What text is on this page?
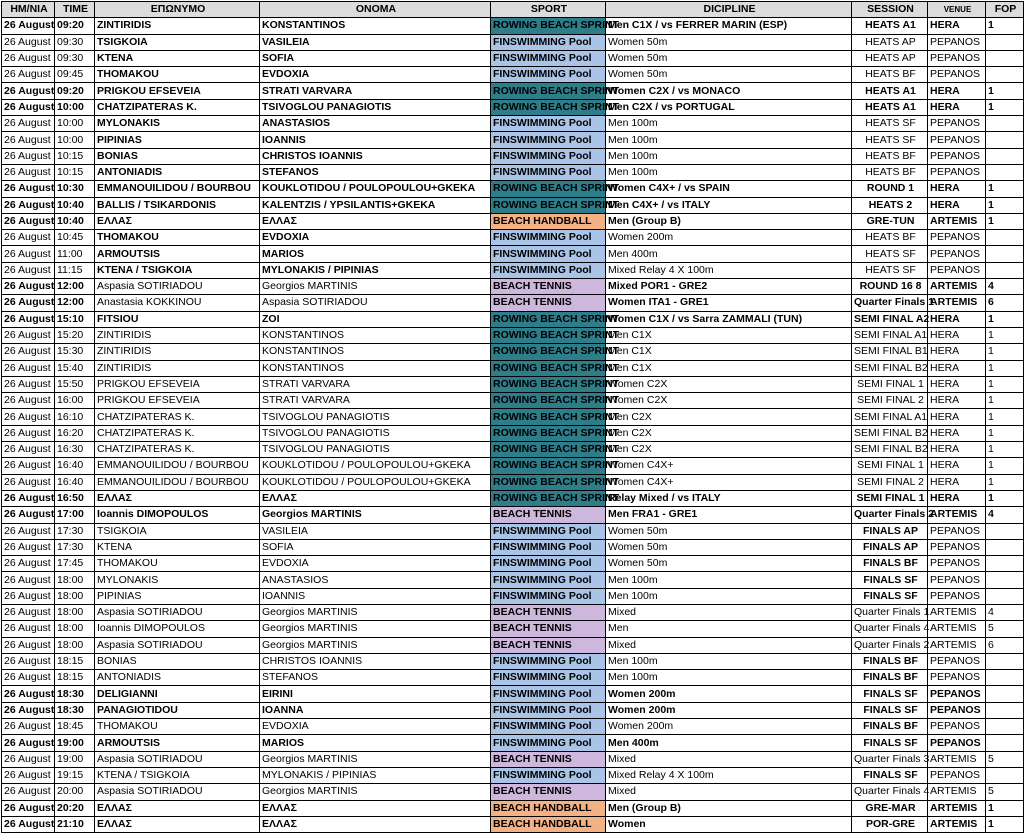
ΗΜ/ΝΙΑ	TIME	ΕΠΩΝΥΜΟ	ΟΝΟΜΑ	SPORT	DICIPLINE	SESSION	VENUE	FOP
26 August	09:20	ZINTIRIDIS	KONSTANTINOS	ROWING BEACH SPRINT	Men C1X / vs FERRER MARIN (ESP)	HEATS A1	HERA	1
26 August	09:30	TSIGKOIA	VASILEIA	FINSWIMMING Pool	Women 50m	HEATS AP	PEPANOS	
26 August	09:30	KTENA	SOFIA	FINSWIMMING Pool	Women 50m	HEATS AP	PEPANOS	
26 August	09:45	THOMAKOU	EVDOXIA	FINSWIMMING Pool	Women 50m	HEATS BF	PEPANOS	
26 August	09:20	PRIGKOU EFSEVEIA	STRATI VARVARA	ROWING BEACH SPRINT	Women C2X / vs MONACO	HEATS A1	HERA	1
26 August	10:00	CHATZIPATERAS K.	TSIVOGLOU PANAGIOTIS	ROWING BEACH SPRINT	Men C2X / vs PORTUGAL	HEATS A1	HERA	1
26 August	10:00	MYLONAKIS	ANASTASIOS	FINSWIMMING Pool	Men 100m	HEATS SF	PEPANOS	
26 August	10:00	PIPINIAS	IOANNIS	FINSWIMMING Pool	Men 100m	HEATS SF	PEPANOS	
26 August	10:15	BONIAS	CHRISTOS IOANNIS	FINSWIMMING Pool	Men 100m	HEATS BF	PEPANOS	
26 August	10:15	ANTONIADIS	STEFANOS	FINSWIMMING Pool	Men 100m	HEATS BF	PEPANOS	
26 August	10:30	EMMANOUILIDOU / BOURBOU	KOUKLOTIDOU / POULOPOULOU+GKEKA	ROWING BEACH SPRINT	Women C4X+ / vs SPAIN	ROUND 1	HERA	1
26 August	10:40	BALLIS / TSIKARDONIS	KALENTZIS / YPSILANTIS+GKEKA	ROWING BEACH SPRINT	Men C4X+ / vs ITALY	HEATS 2	HERA	1
26 August	10:40	ΕΛΛΑΣ	ΕΛΛΑΣ	BEACH HANDBALL	Men (Group B)	GRE-TUN	ARTEMIS	1
26 August	10:45	THOMAKOU	EVDOXIA	FINSWIMMING Pool	Women 200m	HEATS BF	PEPANOS	
26 August	11:00	ARMOUTSIS	MARIOS	FINSWIMMING Pool	Men 400m	HEATS SF	PEPANOS	
26 August	11:15	KTENA / TSIGKOIA	MYLONAKIS / PIPINIAS	FINSWIMMING Pool	Mixed Relay 4 X 100m	HEATS SF	PEPANOS	
26 August	12:00	Aspasia SOTIRIADOU	Georgios MARTINIS	BEACH TENNIS	Mixed POR1 - GRE2	ROUND 16 8	ARTEMIS	4
26 August	12:00	Anastasia KOKKINOU	Aspasia SOTIRIADOU	BEACH TENNIS	Women ITA1 - GRE1	Quarter Finals 1	ARTEMIS	6
26 August	15:10	FITSIOU	ZOI	ROWING BEACH SPRINT	Women C1X / vs Sarra ZAMMALI (TUN)	SEMI FINAL A2	HERA	1
26 August	15:20	ZINTIRIDIS	KONSTANTINOS	ROWING BEACH SPRINT	Men C1X	SEMI FINAL A1	HERA	1
26 August	15:30	ZINTIRIDIS	KONSTANTINOS	ROWING BEACH SPRINT	Men C1X	SEMI FINAL B1	HERA	1
26 August	15:40	ZINTIRIDIS	KONSTANTINOS	ROWING BEACH SPRINT	Men C1X	SEMI FINAL B2	HERA	1
26 August	15:50	PRIGKOU EFSEVEIA	STRATI VARVARA	ROWING BEACH SPRINT	Women C2X	SEMI FINAL 1	HERA	1
26 August	16:00	PRIGKOU EFSEVEIA	STRATI VARVARA	ROWING BEACH SPRINT	Women C2X	SEMI FINAL 2	HERA	1
26 August	16:10	CHATZIPATERAS K.	TSIVOGLOU PANAGIOTIS	ROWING BEACH SPRINT	Men C2X	SEMI FINAL A1	HERA	1
26 August	16:20	CHATZIPATERAS K.	TSIVOGLOU PANAGIOTIS	ROWING BEACH SPRINT	Men C2X	SEMI FINAL B2	HERA	1
26 August	16:30	CHATZIPATERAS K.	TSIVOGLOU PANAGIOTIS	ROWING BEACH SPRINT	Men C2X	SEMI FINAL B2	HERA	1
26 August	16:40	EMMANOUILIDOU / BOURBOU	KOUKLOTIDOU / POULOPOULOU+GKEKA	ROWING BEACH SPRINT	Women C4X+	SEMI FINAL 1	HERA	1
26 August	16:40	EMMANOUILIDOU / BOURBOU	KOUKLOTIDOU / POULOPOULOU+GKEKA	ROWING BEACH SPRINT	Women C4X+	SEMI FINAL 2	HERA	1
26 August	16:50	ΕΛΛΑΣ	ΕΛΛΑΣ	ROWING BEACH SPRINT	Relay Mixed / vs ITALY	SEMI FINAL 1	HERA	1
26 August	17:00	Ioannis DIMOPOULOS	Georgios MARTINIS	BEACH TENNIS	Men FRA1 - GRE1	Quarter Finals 2	ARTEMIS	4
26 August	17:30	TSIGKOIA	VASILEIA	FINSWIMMING Pool	Women 50m	FINALS AP	PEPANOS	
26 August	17:30	KTENA	SOFIA	FINSWIMMING Pool	Women 50m	FINALS AP	PEPANOS	
26 August	17:45	THOMAKOU	EVDOXIA	FINSWIMMING Pool	Women 50m	FINALS BF	PEPANOS	
26 August	18:00	MYLONAKIS	ANASTASIOS	FINSWIMMING Pool	Men 100m	FINALS SF	PEPANOS	
26 August	18:00	PIPINIAS	IOANNIS	FINSWIMMING Pool	Men 100m	FINALS SF	PEPANOS	
26 August	18:00	Aspasia SOTIRIADOU	Georgios MARTINIS	BEACH TENNIS	Mixed	Quarter Finals 1	ARTEMIS	4
26 August	18:00	Ioannis DIMOPOULOS	Georgios MARTINIS	BEACH TENNIS	Men	Quarter Finals 4	ARTEMIS	5
26 August	18:00	Aspasia SOTIRIADOU	Georgios MARTINIS	BEACH TENNIS	Mixed	Quarter Finals 2	ARTEMIS	6
26 August	18:15	BONIAS	CHRISTOS IOANNIS	FINSWIMMING Pool	Men 100m	FINALS BF	PEPANOS	
26 August	18:15	ANTONIADIS	STEFANOS	FINSWIMMING Pool	Men 100m	FINALS BF	PEPANOS	
26 August	18:30	DELIGIANNI	EIRINI	FINSWIMMING Pool	Women 200m	FINALS SF	PEPANOS	
26 August	18:30	PANAGIOTIDOU	IOANNA	FINSWIMMING Pool	Women 200m	FINALS SF	PEPANOS	
26 August	18:45	THOMAKOU	EVDOXIA	FINSWIMMING Pool	Women 200m	FINALS BF	PEPANOS	
26 August	19:00	ARMOUTSIS	MARIOS	FINSWIMMING Pool	Men 400m	FINALS SF	PEPANOS	
26 August	19:00	Aspasia SOTIRIADOU	Georgios MARTINIS	BEACH TENNIS	Mixed	Quarter Finals 3	ARTEMIS	5
26 August	19:15	KTENA / TSIGKOIA	MYLONAKIS / PIPINIAS	FINSWIMMING Pool	Mixed Relay 4 X 100m	FINALS SF	PEPANOS	
26 August	20:00	Aspasia SOTIRIADOU	Georgios MARTINIS	BEACH TENNIS	Mixed	Quarter Finals 4	ARTEMIS	5
26 August	20:20	ΕΛΛΑΣ	ΕΛΛΑΣ	BEACH HANDBALL	Men (Group B)	GRE-MAR	ARTEMIS	1
26 August	21:10	ΕΛΛΑΣ	ΕΛΛΑΣ	BEACH HANDBALL	Women	POR-GRE	ARTEMIS	1
